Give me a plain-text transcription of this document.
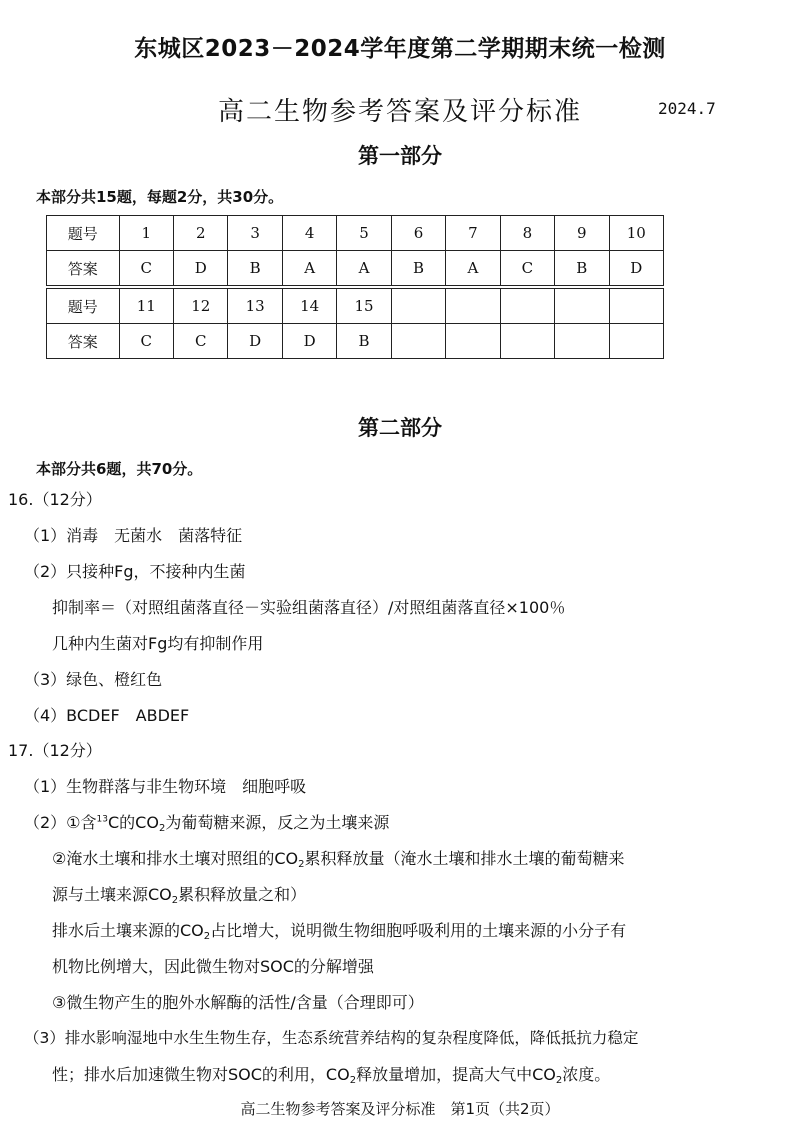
东城区2023－2024学年度第二学期期末统一检测
高二生物参考答案及评分标准	2024.7
第一部分
本部分共15题，每题2分，共30分。
题号	1	2	3	4	5	6	7	8	9	10
答案	C	D	B	A	A	B	A	C	B	D
题号	11	12	13	14	15					
答案	C	C	D	D	B					
第二部分
本部分共6题，共70分。
16.（12分）
（1）消毒　无菌水　菌落特征
（2）只接种Fg，不接种内生菌
抑制率＝（对照组菌落直径－实验组菌落直径）/对照组菌落直径×100％
几种内生菌对Fg均有抑制作用
（3）绿色、橙红色
（4）BCDEF　ABDEF
17.（12分）
（1）生物群落与非生物环境　细胞呼吸
（2）①含$^{13}$C的$CO_2$为葡萄糖来源，反之为土壤来源
②淹水土壤和排水土壤对照组的$CO_2$累积释放量（淹水土壤和排水土壤的葡萄糖来
源与土壤来源$CO_2$累积释放量之和）
排水后土壤来源的$CO_2$占比增大，说明微生物细胞呼吸利用的土壤来源的小分子有
机物比例增大，因此微生物对SOC的分解增强
③微生物产生的胞外水解酶的活性/含量（合理即可）
（3）排水影响湿地中水生生物生存，生态系统营养结构的复杂程度降低，降低抵抗力稳定
性；排水后加速微生物对SOC的利用，$CO_2$释放量增加，提高大气中$CO_2$浓度。
高二生物参考答案及评分标准　第1页（共2页）
